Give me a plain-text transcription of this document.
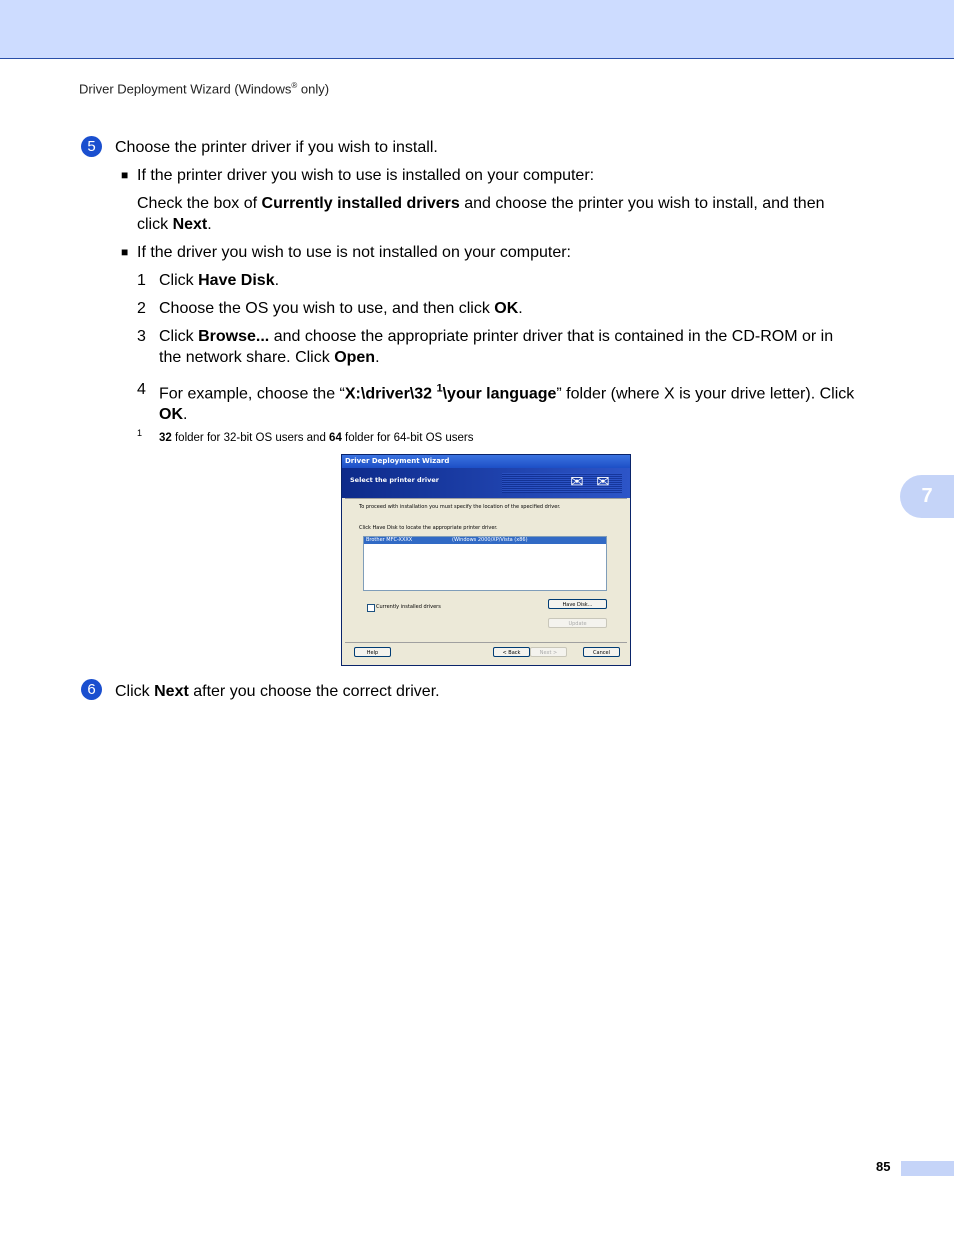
Driver Deployment Wizard (Windows® only)
5	Choose the printer driver if you wish to install.
■ If the printer driver you wish to use is installed on your computer:
Check the box of Currently installed drivers and choose the printer you wish to install, and then
click Next.
■ If the driver you wish to use is not installed on your computer:
1 Click Have Disk.
2 Choose the OS you wish to use, and then click OK.
3 Click Browse... and choose the appropriate printer driver that is contained in the CD-ROM or in
the network share. Click Open.
4 For example, choose the “X:\driver\32 $^1$\your language” folder (where X is your drive letter). Click
OK.
1 32 folder for 32-bit OS users and 64 folder for 64-bit OS users
Driver Deployment Wizard
Select the printer driver	✉ ✉
To proceed with installation you must specify the location of the specified driver.
Click Have Disk to locate the appropriate printer driver.
Brother MFC-XXXX	(Windows 2000/XP/Vista (x86)
Currently installed drivers	Have Disk...
Update
Help	< Back	Next >	Cancel
6	Click Next after you choose the correct driver.
7
85
